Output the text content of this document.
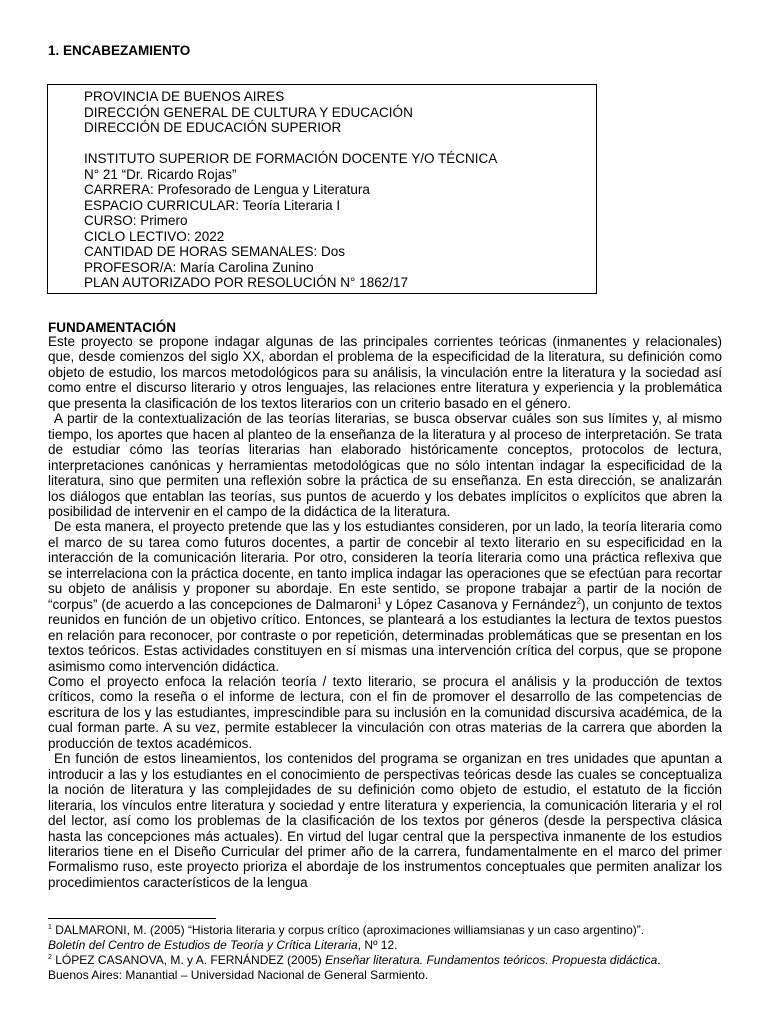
1. ENCABEZAMIENTO
PROVINCIA DE BUENOS AIRES
DIRECCIÓN GENERAL DE CULTURA Y EDUCACIÓN
DIRECCIÓN DE EDUCACIÓN SUPERIOR
INSTITUTO SUPERIOR DE FORMACIÓN DOCENTE Y/O TÉCNICA
N° 21 “Dr. Ricardo Rojas”
CARRERA: Profesorado de Lengua y Literatura
ESPACIO CURRICULAR: Teoría Literaria I
CURSO: Primero
CICLO LECTIVO: 2022
CANTIDAD DE HORAS SEMANALES: Dos
PROFESOR/A: María Carolina Zunino
PLAN AUTORIZADO POR RESOLUCIÓN N° 1862/17
FUNDAMENTACIÓN

Este proyecto se propone indagar algunas de las principales corrientes teóricas (inmanentes y relacionales) que, desde comienzos del siglo XX, abordan el problema de la especificidad de la literatura, su definición como objeto de estudio, los marcos metodológicos para su análisis, la vinculación entre la literatura y la sociedad así como entre el discurso literario y otros lenguajes, las relaciones entre literatura y experiencia y la problemática que presenta la clasificación de los textos literarios con un criterio basado en el género.

A partir de la contextualización de las teorías literarias, se busca observar cuáles son sus límites y, al mismo tiempo, los aportes que hacen al planteo de la enseñanza de la literatura y al proceso de interpretación. Se trata de estudiar cómo las teorías literarias han elaborado históricamente conceptos, protocolos de lectura, interpretaciones canónicas y herramientas metodológicas que no sólo intentan indagar la especificidad de la literatura, sino que permiten una reflexión sobre la práctica de su enseñanza. En esta dirección, se analizarán los diálogos que entablan las teorías, sus puntos de acuerdo y los debates implícitos o explícitos que abren la posibilidad de intervenir en el campo de la didáctica de la literatura.

De esta manera, el proyecto pretende que las y los estudiantes consideren, por un lado, la teoría literaria como el marco de su tarea como futuros docentes, a partir de concebir al texto literario en su especificidad en la interacción de la comunicación literaria. Por otro, consideren la teoría literaria como una práctica reflexiva que se interrelaciona con la práctica docente, en tanto implica indagar las operaciones que se efectúan para recortar su objeto de análisis y proponer su abordaje. En este sentido, se propone trabajar a partir de la noción de “corpus” (de acuerdo a las concepciones de Dalmaroni$^1$ y López Casanova y Fernández$^2$), un conjunto de textos reunidos en función de un objetivo crítico. Entonces, se planteará a los estudiantes la lectura de textos puestos en relación para reconocer, por contraste o por repetición, determinadas problemáticas que se presentan en los textos teóricos. Estas actividades constituyen en sí mismas una intervención crítica del corpus, que se propone asimismo como intervención didáctica.

Como el proyecto enfoca la relación teoría / texto literario, se procura el análisis y la producción de textos críticos, como la reseña o el informe de lectura, con el fin de promover el desarrollo de las competencias de escritura de los y las estudiantes, imprescindible para su inclusión en la comunidad discursiva académica, de la cual forman parte. A su vez, permite establecer la vinculación con otras materias de la carrera que aborden la producción de textos académicos.

En función de estos lineamientos, los contenidos del programa se organizan en tres unidades que apuntan a introducir a las y los estudiantes en el conocimiento de perspectivas teóricas desde las cuales se conceptualiza la noción de literatura y las complejidades de su definición como objeto de estudio, el estatuto de la ficción literaria, los vínculos entre literatura y sociedad y entre literatura y experiencia, la comunicación literaria y el rol del lector, así como los problemas de la clasificación de los textos por géneros (desde la perspectiva clásica hasta las concepciones más actuales). En virtud del lugar central que la perspectiva inmanente de los estudios literarios tiene en el Diseño Curricular del primer año de la carrera, fundamentalmente en el marco del primer Formalismo ruso, este proyecto prioriza el abordaje de los instrumentos conceptuales que permiten analizar los procedimientos característicos de la lengua

$^1$ DALMARONI, M. (2005) “Historia literaria y corpus crítico (aproximaciones williamsianas y un caso argentino)”.
Boletín del Centro de Estudios de Teoría y Crítica Literaria, Nº 12.
$^2$ LÓPEZ CASANOVA, M. y A. FERNÁNDEZ (2005) Enseñar literatura. Fundamentos teóricos. Propuesta didáctica.
Buenos Aires: Manantial – Universidad Nacional de General Sarmiento.
